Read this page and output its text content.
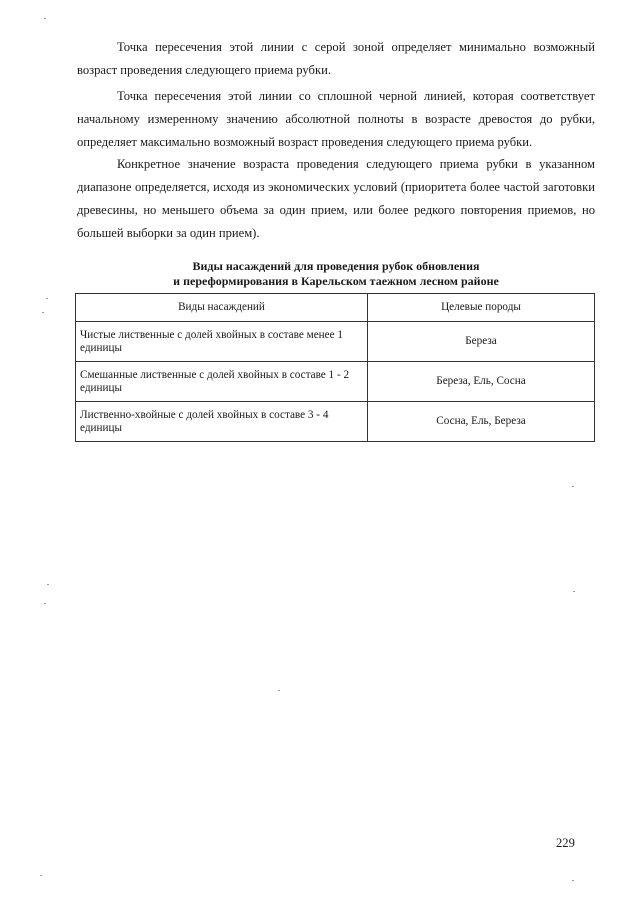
Точка пересечения этой линии с серой зоной определяет минимально возможный возраст проведения следующего приема рубки.

Точка пересечения этой линии со сплошной черной линией, которая соответствует начальному измеренному значению абсолютной полноты в возрасте древостоя до рубки, определяет максимально возможный возраст проведения следующего приема рубки.

Конкретное значение возраста проведения следующего приема рубки в указанном диапазоне определяется, исходя из экономических условий (приоритета более частой заготовки древесины, но меньшего объема за один прием, или более редкого повторения приемов, но большей выборки за один прием).

Виды насаждений для проведения рубок обновления
и переформирования в Карельском таежном лесном районе
Виды насаждений	Целевые породы
Чистые лиственные с долей хвойных в составе менее 1 единицы	Береза
Смешанные лиственные с долей хвойных в составе 1 - 2 единицы	Береза, Ель, Сосна
Лиственно-хвойные с долей хвойных в составе 3 - 4 единицы	Сосна, Ель, Береза
229
